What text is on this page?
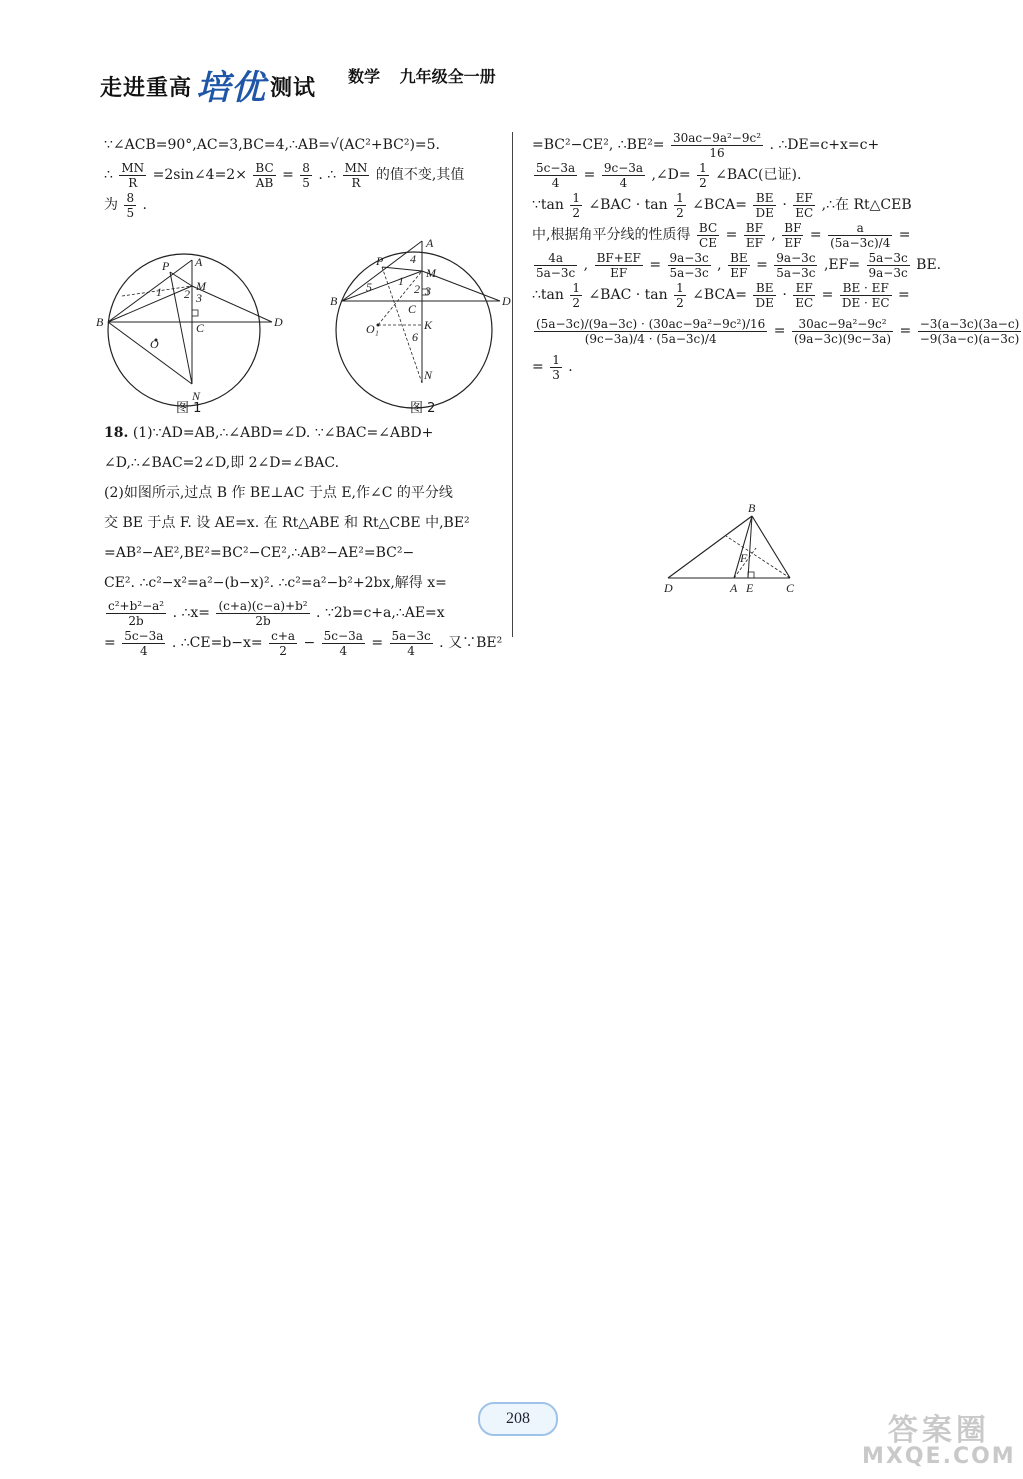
走进重高 培优 测试 数学 九年级全一册
∵∠ACB=90°,AC=3,BC=4,∴AB=√(AC²+BC²)=5.
∴ $\frac{MN}{R}$ =2sin∠4=2× $\frac{BC}{AB} = \frac{8}{5}$ . ∴ $\frac{MN}{R}$ 的值不变,其值
为 $\frac{8}{5}$ .
B
P A
M
C	D
N
O
1 2 3
图 1
B
P
A
M
C
K
D
N
O₁
4
5 1
2 3
6
图 2
18. (1)∵AD=AB,∴∠ABD=∠D. ∵∠BAC=∠ABD+
∠D,∴∠BAC=2∠D,即 2∠D=∠BAC.
(2)如图所示,过点 B 作 BE⊥AC 于点 E,作∠C 的平分线
交 BE 于点 F. 设 AE=x. 在 Rt△ABE 和 Rt△CBE 中,BE²
=AB²−AE²,BE²=BC²−CE²,∴AB²−AE²=BC²−
CE². ∴c²−x²=a²−(b−x)². ∴c²=a²−b²+2bx,解得 x=
$\frac{\text{c²+b²−a²}}{2b}$ . ∴x= $\frac{\text{(c+a)(c−a)+b²}}{2b}$ . ∵2b=c+a,∴AE=x
= $\frac{5c-3a}{4}$ . ∴CE=b−x= $\frac{c+a}{2} - \frac{5c-3a}{4} = \frac{5a-3c}{4}$ . 又∵BE²
=BC²−CE², ∴BE²= $\frac{\text{30ac−9a²−9c²}}{16}$ . ∴DE=c+x=c+
$\frac{5c-3a}{4} = \frac{9c-3a}{4}$ ,∠D= $\frac{1}{2}$ ∠BAC(已证).
∵tan $\frac{1}{2}$ ∠BAC · $\tan \frac{1}{2}$ ∠BCA= $\frac{BE}{DE} \cdot \frac{EF}{EC}$ ,∴在 Rt△CEB
中,根据角平分线的性质得 $\frac{BC}{CE} = \frac{BF}{EF}$ , $\frac{BF}{EF} = \frac{a}{(5a-3c)/4}$ =
$\frac{4a}{5a-3c}$ , $\frac{BF+EF}{EF} = \frac{9a-3c}{5a-3c}$ , $\frac{BE}{EF} = \frac{9a-3c}{5a-3c} ,EF= \frac{5a-3c}{9a-3c}$ BE.
∴tan $\frac{1}{2}$ ∠BAC · $\tan \frac{1}{2}$ ∠BCA= $\frac{BE}{DE} \cdot \frac{EF}{EC} = \frac{BE \cdot EF}{DE \cdot EC}$ =
$\frac{\text{(5a−3c)/(9a−3c) · (30ac−9a²−9c²)/16}}{(9c-3a)/4 \cdot (5a-3c)/4} = \frac{\text{30ac−9a²−9c²}}{(9a-3c)(9c-3a)} = \frac{-3(a-3c)(3a-c)}{-9(3a-c)(a-3c)}$
= $\frac{1}{3}$ .
B
D	A E	C
F
208	答案圈
MXQE.COM
